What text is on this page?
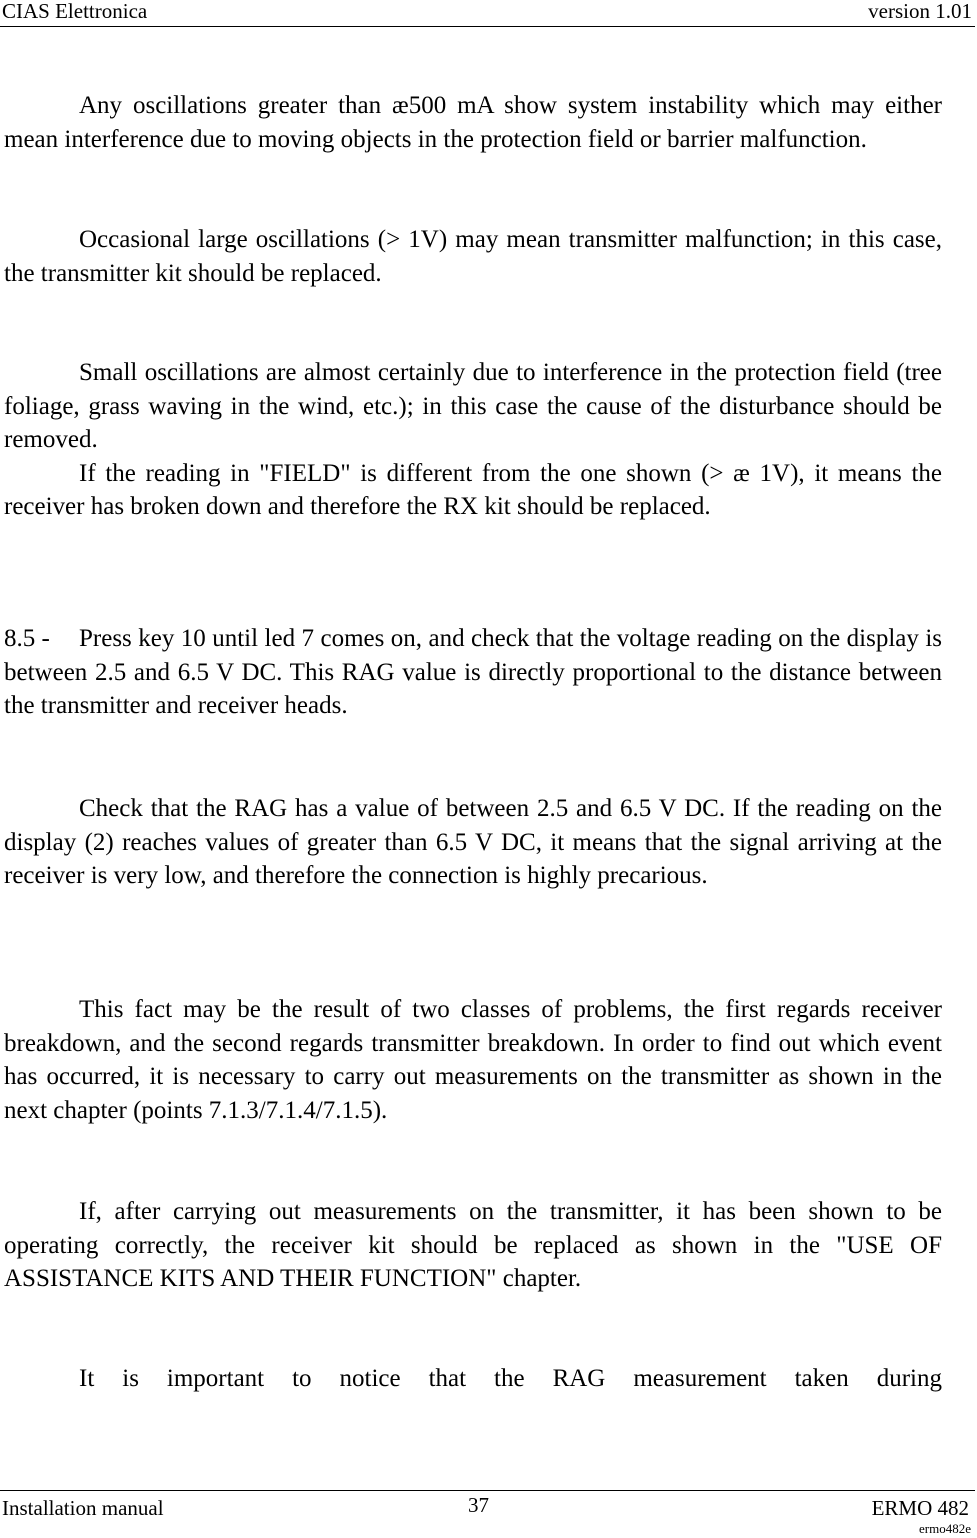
CIAS Elettronica	version 1.01

Any oscillations greater than æ500 mA show system instability which may either mean interference due to moving objects in the protection field or barrier malfunction.

Occasional large oscillations (> 1V) may mean transmitter malfunction; in this case, the transmitter kit should be replaced.

Small oscillations are almost certainly due to interference in the protection field (tree foliage, grass waving in the wind, etc.); in this case the cause of the disturbance should be removed.

If the reading in "FIELD" is different from the one shown (> æ 1V), it means the receiver has broken down and therefore the RX kit should be replaced.

8.5 - Press key 10 until led 7 comes on, and check that the voltage reading on the display is between 2.5 and 6.5 V DC. This RAG value is directly proportional to the distance between the transmitter and receiver heads.

Check that the RAG has a value of between 2.5 and 6.5 V DC. If the reading on the display (2) reaches values of greater than 6.5 V DC, it means that the signal arriving at the receiver is very low, and therefore the connection is highly precarious.

This fact may be the result of two classes of problems, the first regards receiver breakdown, and the second regards transmitter breakdown. In order to find out which event has occurred, it is necessary to carry out measurements on the transmitter as shown in the next chapter (points 7.1.3/7.1.4/7.1.5).

If, after carrying out measurements on the transmitter, it has been shown to be operating correctly, the receiver kit should be replaced as shown in the "USE OF ASSISTANCE KITS AND THEIR FUNCTION" chapter.

It is important to notice that the RAG measurement taken during

Installation manual	37	ERMO 482
ermo482e
